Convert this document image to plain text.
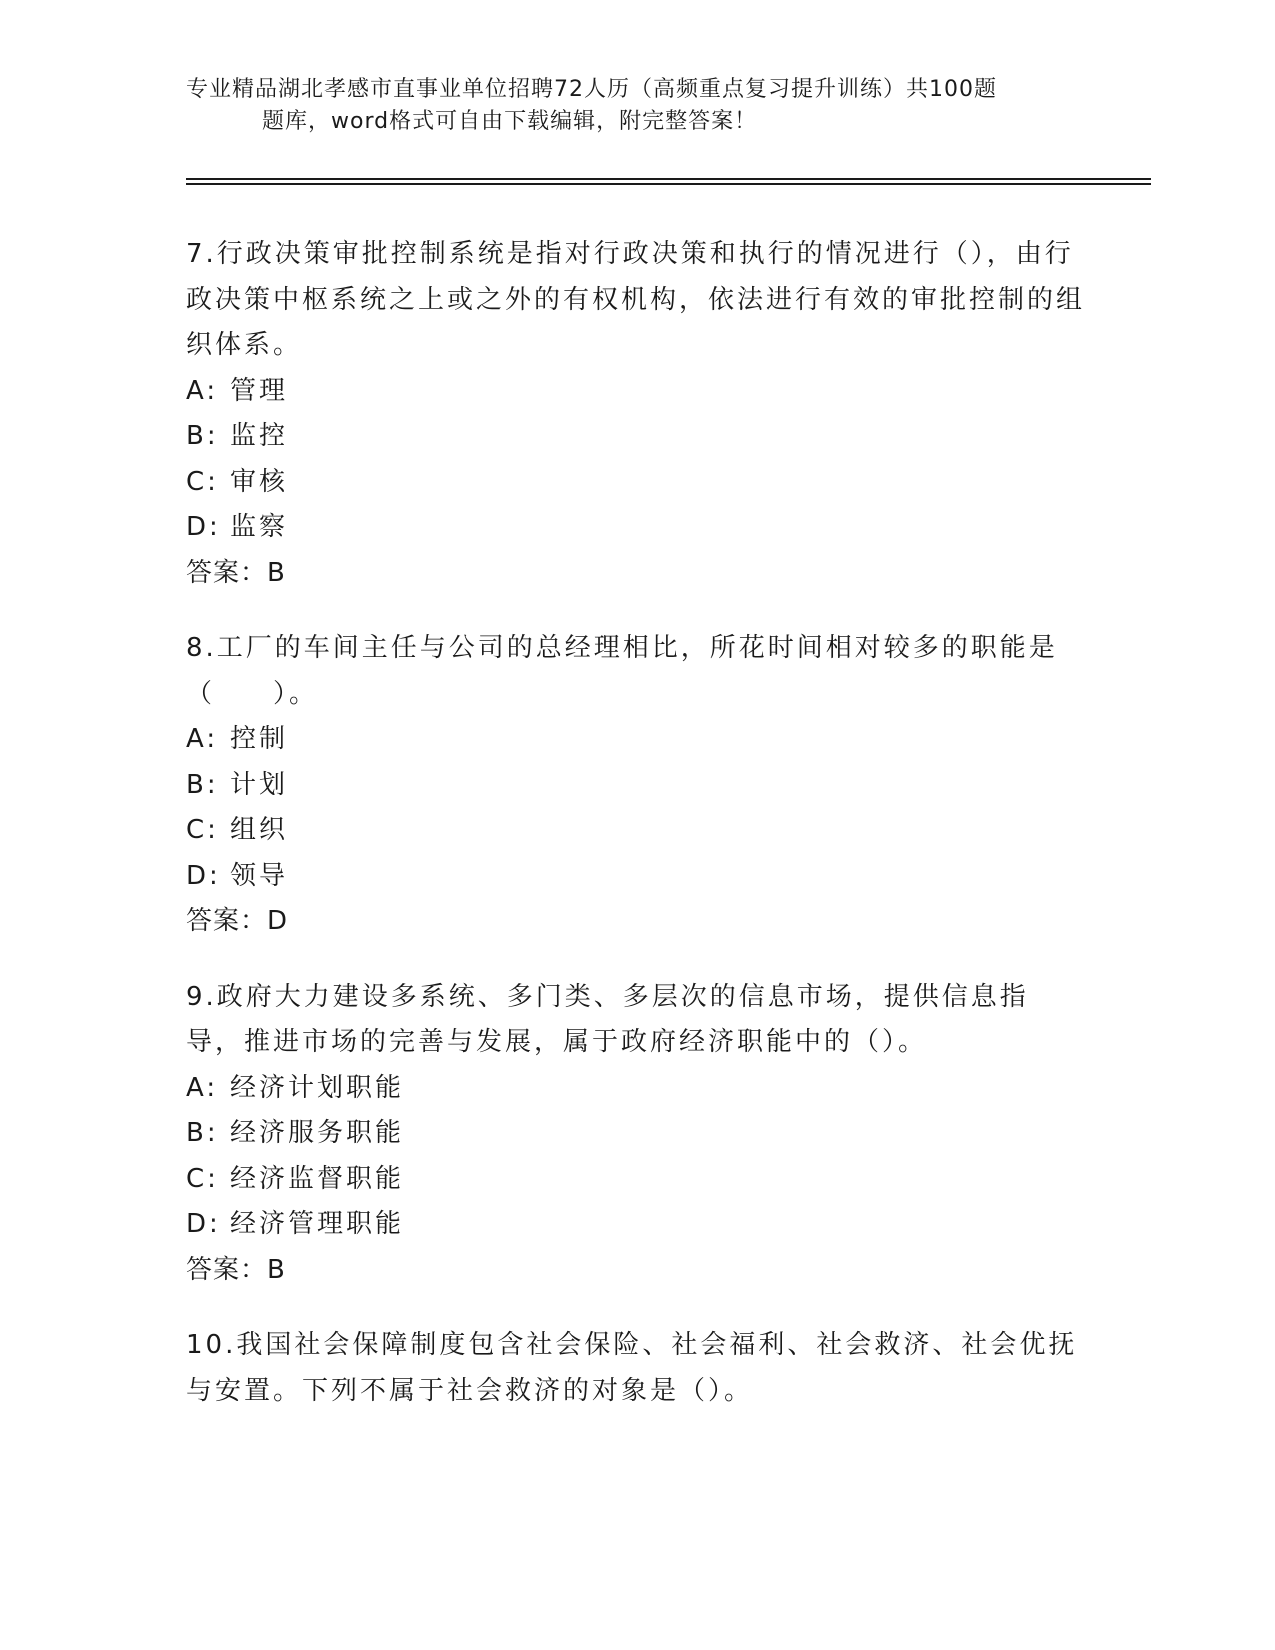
专业精品湖北孝感市直事业单位招聘72人历（高频重点复习提升训练）共100题
题库，word格式可自由下载编辑，附完整答案！

7.行政决策审批控制系统是指对行政决策和执行的情况进行（），由行政决策中枢系统之上或之外的有权机构，依法进行有效的审批控制的组织体系。

A: 管理
B: 监控
C: 审核
D: 监察

答案：B

8.工厂的车间主任与公司的总经理相比，所花时间相对较多的职能是（　　）。

A: 控制
B: 计划
C: 组织
D: 领导

答案：D

9.政府大力建设多系统、多门类、多层次的信息市场，提供信息指导，推进市场的完善与发展，属于政府经济职能中的（）。

A: 经济计划职能
B: 经济服务职能
C: 经济监督职能
D: 经济管理职能

答案：B

10.我国社会保障制度包含社会保险、社会福利、社会救济、社会优抚与安置。下列不属于社会救济的对象是（）。
